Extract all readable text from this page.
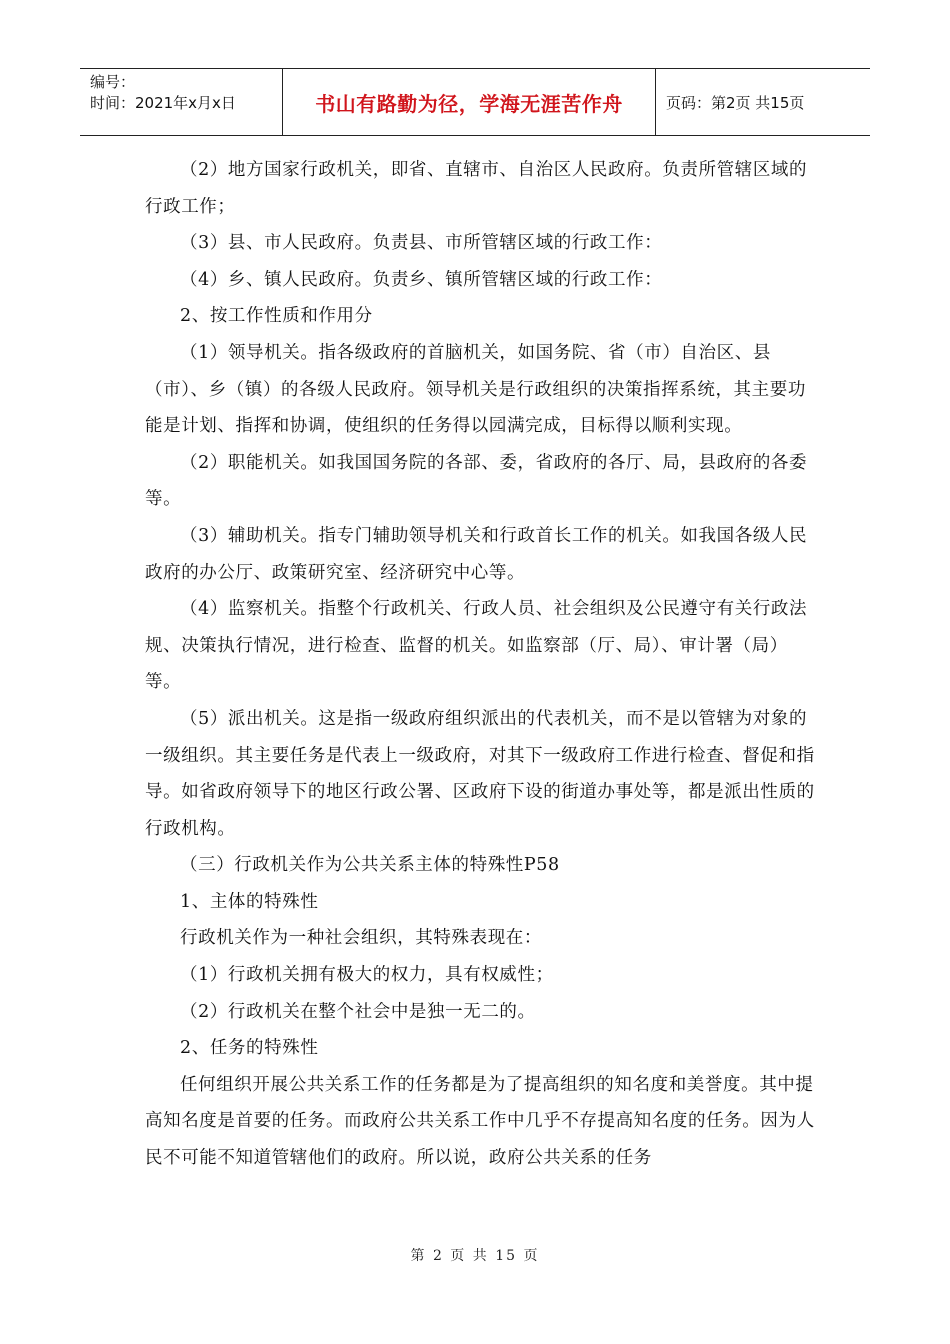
编号：
时间：2021年x月x日	书山有路勤为径，学海无涯苦作舟	页码：第2页 共15页

（2）地方国家行政机关，即省、直辖市、自治区人民政府。负责所管辖区域的行政工作；

（3）县、市人民政府。负责县、市所管辖区域的行政工作：

（4）乡、镇人民政府。负责乡、镇所管辖区域的行政工作：

2、按工作性质和作用分

（1）领导机关。指各级政府的首脑机关，如国务院、省（市）自治区、县（市）、乡（镇）的各级人民政府。领导机关是行政组织的决策指挥系统，其主要功能是计划、指挥和协调，使组织的任务得以园满完成，目标得以顺利实现。

（2）职能机关。如我国国务院的各部、委，省政府的各厅、局，县政府的各委等。

（3）辅助机关。指专门辅助领导机关和行政首长工作的机关。如我国各级人民政府的办公厅、政策研究室、经济研究中心等。

（4）监察机关。指整个行政机关、行政人员、社会组织及公民遵守有关行政法规、决策执行情况，进行检查、监督的机关。如监察部（厅、局）、审计署（局）等。

（5）派出机关。这是指一级政府组织派出的代表机关，而不是以管辖为对象的一级组织。其主要任务是代表上一级政府，对其下一级政府工作进行检查、督促和指导。如省政府领导下的地区行政公署、区政府下设的街道办事处等，都是派出性质的行政机构。

（三）行政机关作为公共关系主体的特殊性P58

1、主体的特殊性

行政机关作为一种社会组织，其特殊表现在：

（1）行政机关拥有极大的权力，具有权威性；

（2）行政机关在整个社会中是独一无二的。

2、任务的特殊性

任何组织开展公共关系工作的任务都是为了提高组织的知名度和美誉度。其中提高知名度是首要的任务。而政府公共关系工作中几乎不存提高知名度的任务。因为人民不可能不知道管辖他们的政府。所以说，政府公共关系的任务

第 2 页 共 15 页
